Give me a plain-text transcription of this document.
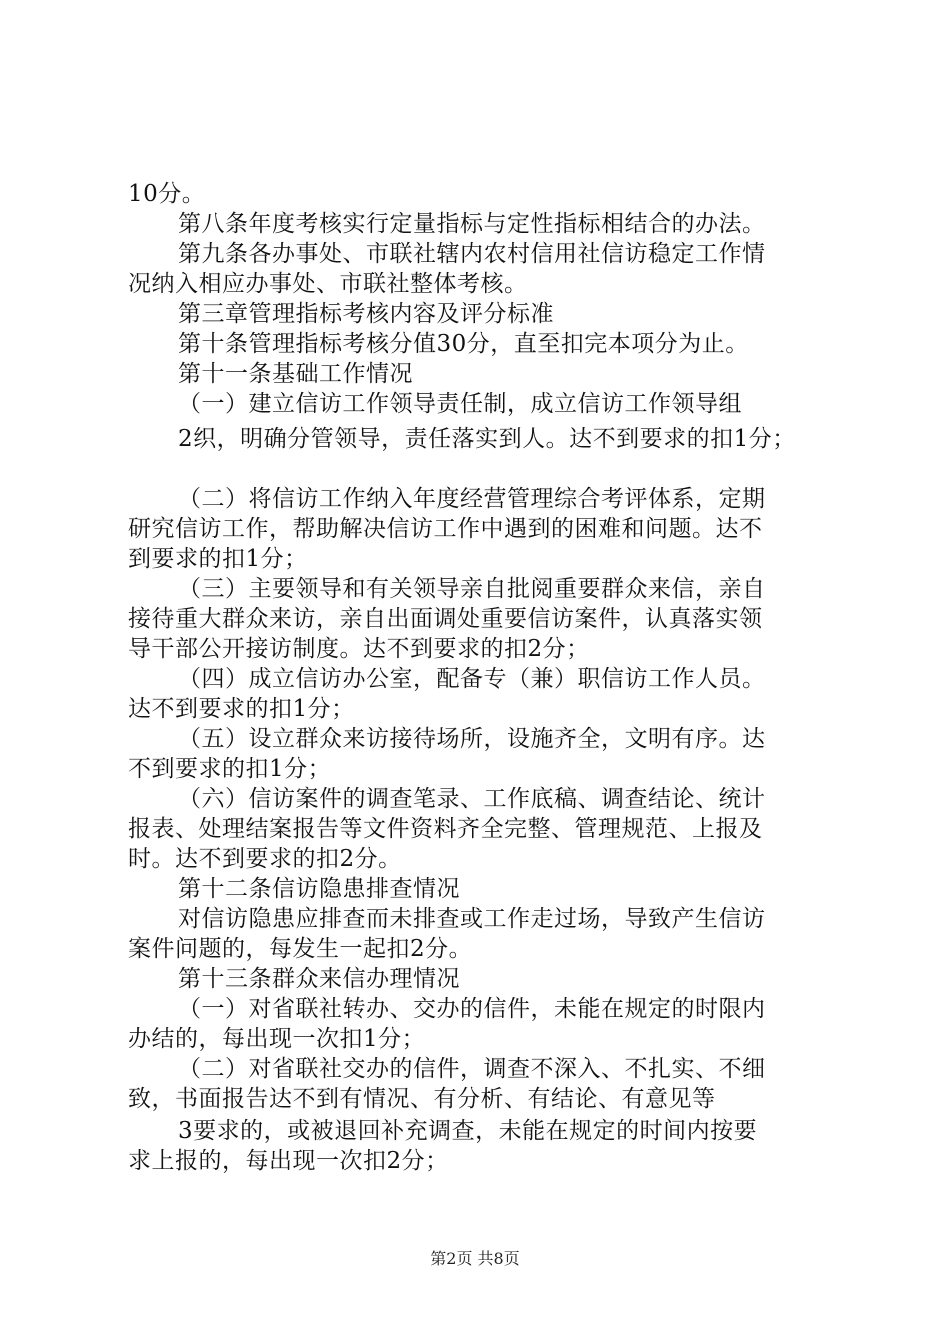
10分。
第八条年度考核实行定量指标与定性指标相结合的办法。
第九条各办事处、市联社辖内农村信用社信访稳定工作情
况纳入相应办事处、市联社整体考核。
第三章管理指标考核内容及评分标准
第十条管理指标考核分值30分，直至扣完本项分为止。
第十一条基础工作情况
（一）建立信访工作领导责任制，成立信访工作领导组
2织，明确分管领导，责任落实到人。达不到要求的扣1分；
（二）将信访工作纳入年度经营管理综合考评体系，定期
研究信访工作，帮助解决信访工作中遇到的困难和问题。达不
到要求的扣1分；
（三）主要领导和有关领导亲自批阅重要群众来信，亲自
接待重大群众来访，亲自出面调处重要信访案件，认真落实领
导干部公开接访制度。达不到要求的扣2分；
（四）成立信访办公室，配备专（兼）职信访工作人员。
达不到要求的扣1分；
（五）设立群众来访接待场所，设施齐全，文明有序。达
不到要求的扣1分；
（六）信访案件的调查笔录、工作底稿、调查结论、统计
报表、处理结案报告等文件资料齐全完整、管理规范、上报及
时。达不到要求的扣2分。
第十二条信访隐患排查情况
对信访隐患应排查而未排查或工作走过场，导致产生信访
案件问题的，每发生一起扣2分。
第十三条群众来信办理情况
（一）对省联社转办、交办的信件，未能在规定的时限内
办结的，每出现一次扣1分；
（二）对省联社交办的信件，调查不深入、不扎实、不细
致，书面报告达不到有情况、有分析、有结论、有意见等
3要求的，或被退回补充调查，未能在规定的时间内按要
求上报的，每出现一次扣2分；
第2页 共8页
